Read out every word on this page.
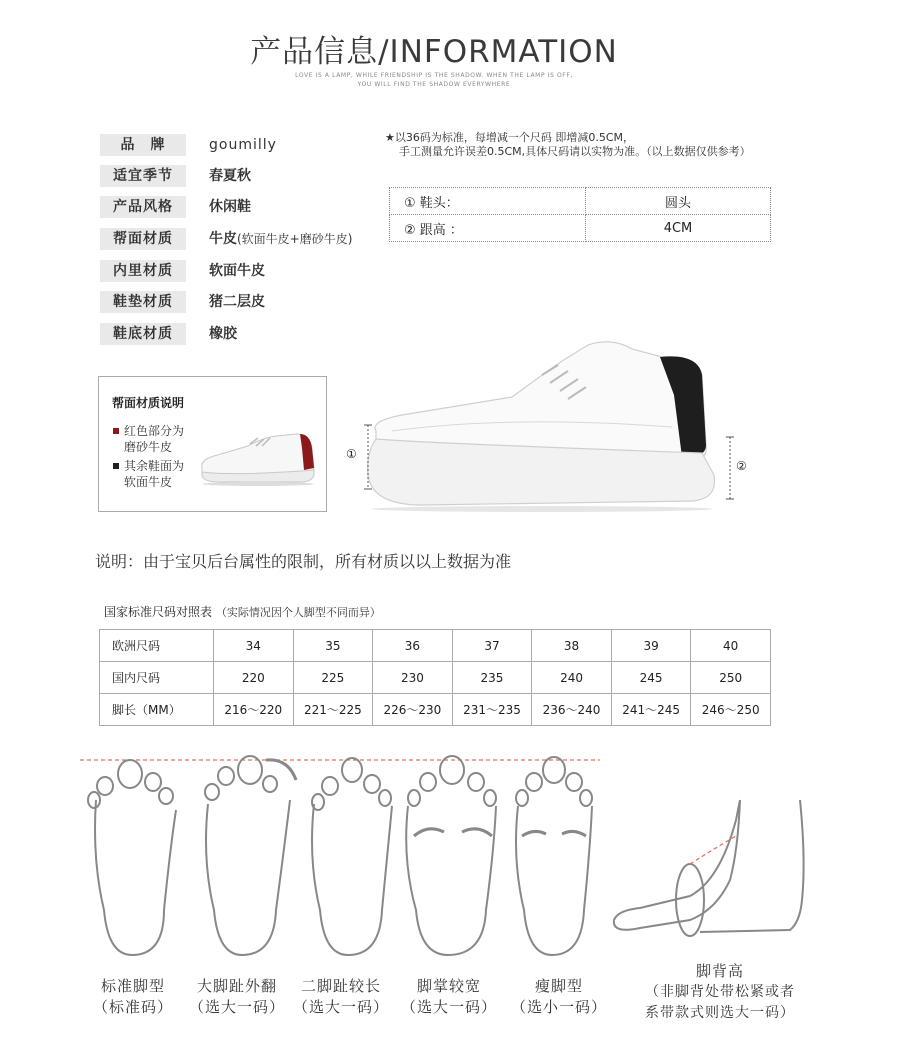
产品信息/INFORMATION
LOVE IS A LAMP, WHILE FRIENDSHIP IS THE SHADOW. WHEN THE LAMP IS OFF,
YOU WILL FIND THE SHADOW EVERYWHERE
品　牌	goumilly
适宜季节	春夏秋
产品风格	休闲鞋
帮面材质	牛皮(软面牛皮+磨砂牛皮)
内里材质	软面牛皮
鞋垫材质	猪二层皮
鞋底材质	橡胶
★以36码为标准，每增减一个尺码 即增减0.5CM，
手工测量允许误差0.5CM,具体尺码请以实物为准。（以上数据仅供参考）
① 鞋头：	圆头
② 跟高 ：	4CM
帮面材质说明
红色部分为
磨砂牛皮
其余鞋面为
软面牛皮
①
②
说明：由于宝贝后台属性的限制，所有材质以以上数据为准
国家标准尺码对照表 （实际情况因个人脚型不同而异）
欧洲尺码	34	35	36	37	38	39	40
国内尺码	220	225	230	235	240	245	250
脚长（MM）	216～220	221～225	226～230	231～235	236～240	241～245	246～250
标准脚型
（标准码）
大脚趾外翻
（选大一码）
二脚趾较长
（选大一码）
脚掌较宽
（选大一码）
瘦脚型
（选小一码）
脚背高
（非脚背处带松紧或者
系带款式则选大一码）
